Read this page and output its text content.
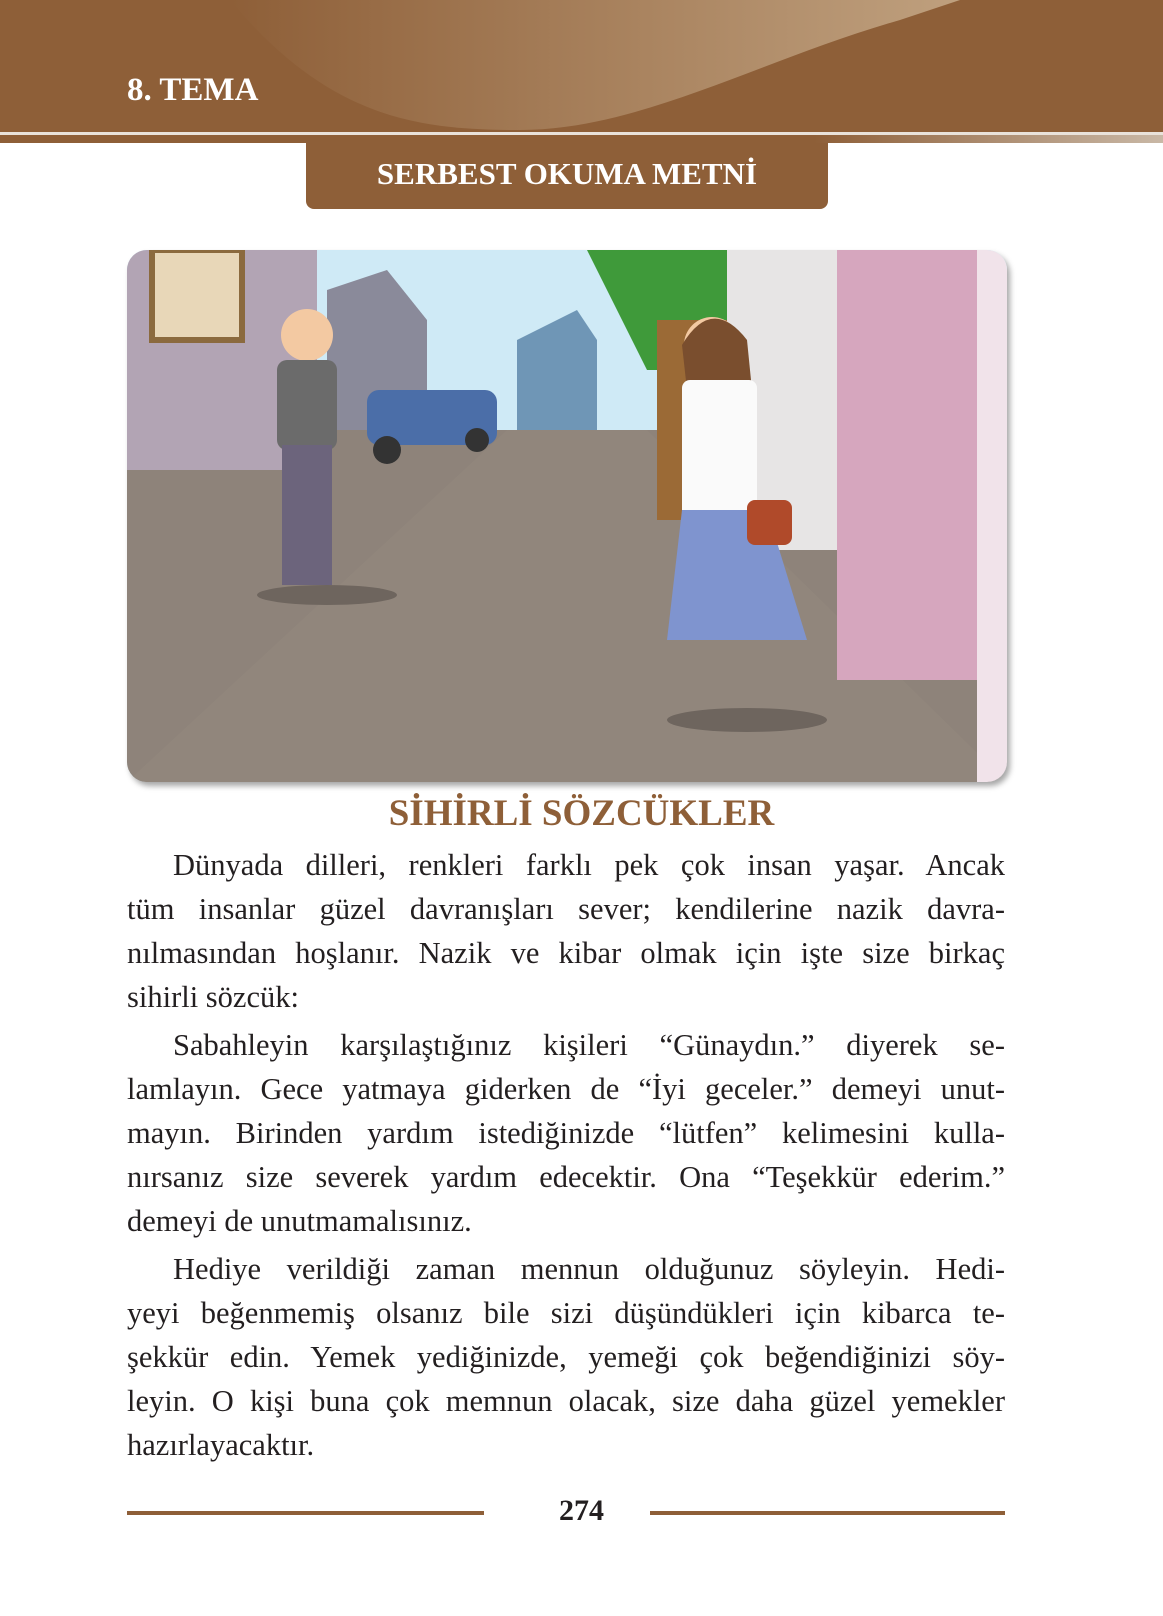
8. TEMA
SERBEST OKUMA METNİ
SİHİRLİ SÖZCÜKLER
Dünyada dilleri, renkleri farklı pek çok insan yaşar. Ancak
tüm insanlar güzel davranışları sever; kendilerine nazik davra-
nılmasından hoşlanır. Nazik ve kibar olmak için işte size birkaç
sihirli sözcük:
Sabahleyin karşılaştığınız kişileri “Günaydın.” diyerek se-
lamlayın. Gece yatmaya giderken de “İyi geceler.” demeyi unut-
mayın. Birinden yardım istediğinizde “lütfen” kelimesini kulla-
nırsanız size severek yardım edecektir. Ona “Teşekkür ederim.”
demeyi de unutmamalısınız.
Hediye verildiği zaman mennun olduğunuz söyleyin. Hedi-
yeyi beğenmemiş olsanız bile sizi düşündükleri için kibarca te-
şekkür edin. Yemek yediğinizde, yemeği çok beğendiğinizi söy-
leyin. O kişi buna çok memnun olacak, size daha güzel yemekler
hazırlayacaktır.
274
